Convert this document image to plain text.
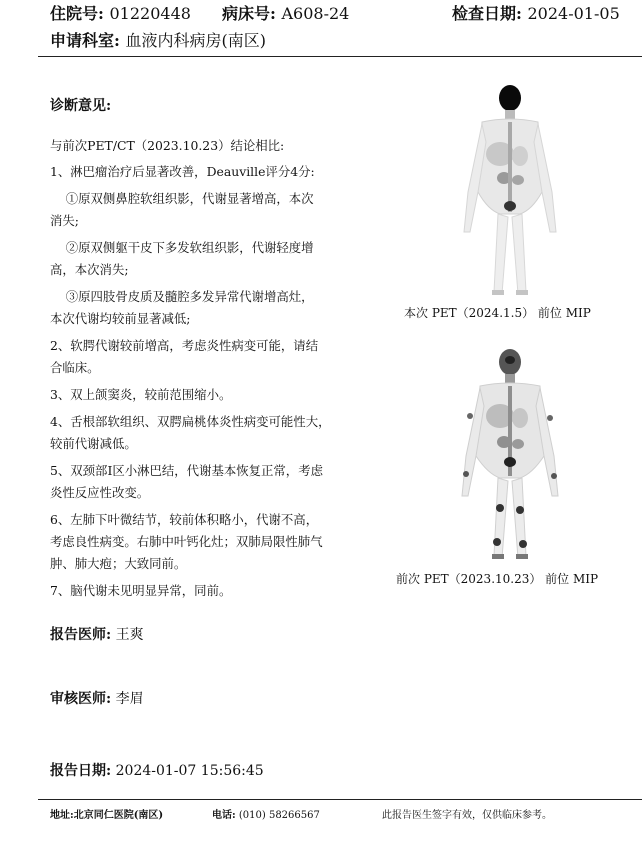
住院号: 01220448 病床号: A608-24	检查日期: 2024-01-05
申请科室: 血液内科病房(南区)
诊断意见:
与前次PET/CT（2023.10.23）结论相比:
1、淋巴瘤治疗后显著改善，Deauville评分4分:
①原双侧鼻腔软组织影，代谢显著增高，本次
消失;
②原双侧躯干皮下多发软组织影，代谢轻度增
高，本次消失;
③原四肢骨皮质及髓腔多发异常代谢增高灶，
本次代谢均较前显著减低;
2、软腭代谢较前增高，考虑炎性病变可能，请结
合临床。
3、双上颌窦炎，较前范围缩小。
4、舌根部软组织、双腭扁桃体炎性病变可能性大，
较前代谢减低。
5、双颈部I区小淋巴结，代谢基本恢复正常，考虑
炎性反应性改变。
6、左肺下叶微结节，较前体积略小，代谢不高，
考虑良性病变。右肺中叶钙化灶；双肺局限性肺气
肿、肺大疱；大致同前。
7、脑代谢未见明显异常，同前。
报告医师: 王爽
审核医师: 李眉
报告日期: 2024-01-07 15:56:45
本次 PET（2024.1.5） 前位 MIP
前次 PET（2023.10.23） 前位 MIP
地址:北京同仁医院(南区)	电话: (010) 58266567	此报告医生签字有效，仅供临床参考。
